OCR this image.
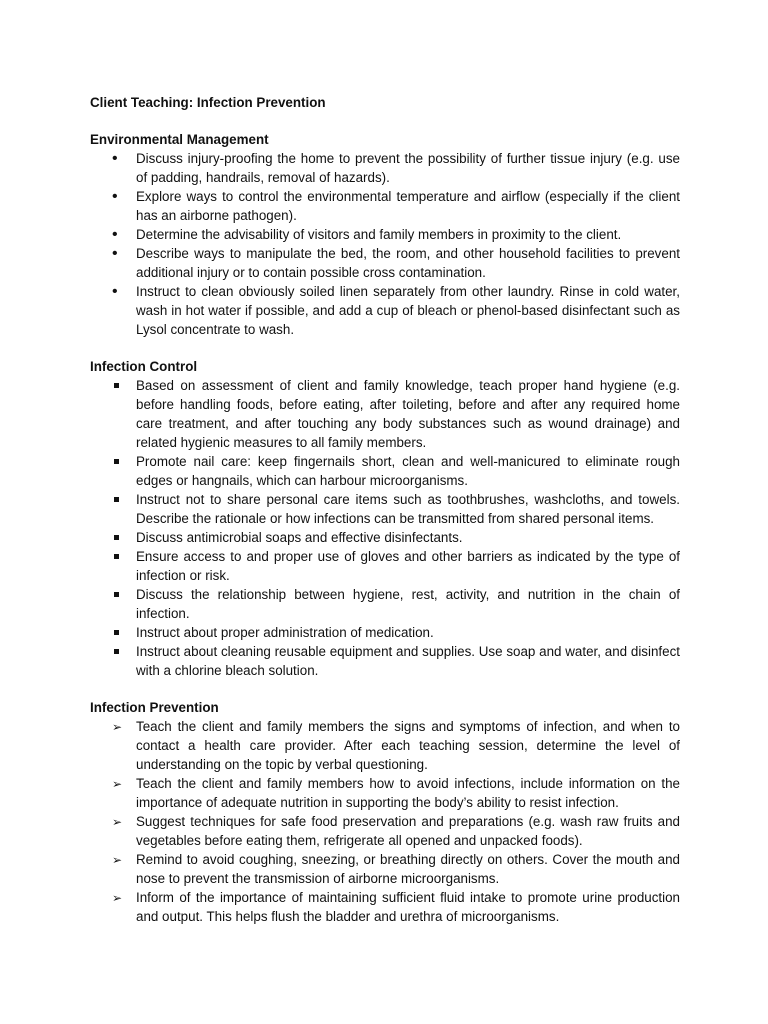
Client Teaching: Infection Prevention
Environmental Management
•
Discuss injury-proofing the home to prevent the possibility of further tissue injury (e.g. use of padding, handrails, removal of hazards).
•
Explore ways to control the environmental temperature and airflow (especially if the client has an airborne pathogen).
•
Determine the advisability of visitors and family members in proximity to the client.
•
Describe ways to manipulate the bed, the room, and other household facilities to prevent additional injury or to contain possible cross contamination.
•
Instruct to clean obviously soiled linen separately from other laundry. Rinse in cold water, wash in hot water if possible, and add a cup of bleach or phenol-based disinfectant such as Lysol concentrate to wash.
Infection Control
Based on assessment of client and family knowledge, teach proper hand hygiene (e.g. before handling foods, before eating, after toileting, before and after any required home care treatment, and after touching any body substances such as wound drainage) and related hygienic measures to all family members.
Promote nail care: keep fingernails short, clean and well-manicured to eliminate rough edges or hangnails, which can harbour microorganisms.
Instruct not to share personal care items such as toothbrushes, washcloths, and towels. Describe the rationale or how infections can be transmitted from shared personal items.
Discuss antimicrobial soaps and effective disinfectants.
Ensure access to and proper use of gloves and other barriers as indicated by the type of infection or risk.
Discuss the relationship between hygiene, rest, activity, and nutrition in the chain of infection.
Instruct about proper administration of medication.
Instruct about cleaning reusable equipment and supplies. Use soap and water, and disinfect with a chlorine bleach solution.
Infection Prevention
➢
Teach the client and family members the signs and symptoms of infection, and when to contact a health care provider. After each teaching session, determine the level of understanding on the topic by verbal questioning.
➢
Teach the client and family members how to avoid infections, include information on the importance of adequate nutrition in supporting the body’s ability to resist infection.
➢
Suggest techniques for safe food preservation and preparations (e.g. wash raw fruits and vegetables before eating them, refrigerate all opened and unpacked foods).
➢
Remind to avoid coughing, sneezing, or breathing directly on others. Cover the mouth and nose to prevent the transmission of airborne microorganisms.
➢
Inform of the importance of maintaining sufficient fluid intake to promote urine production and output. This helps flush the bladder and urethra of microorganisms.
